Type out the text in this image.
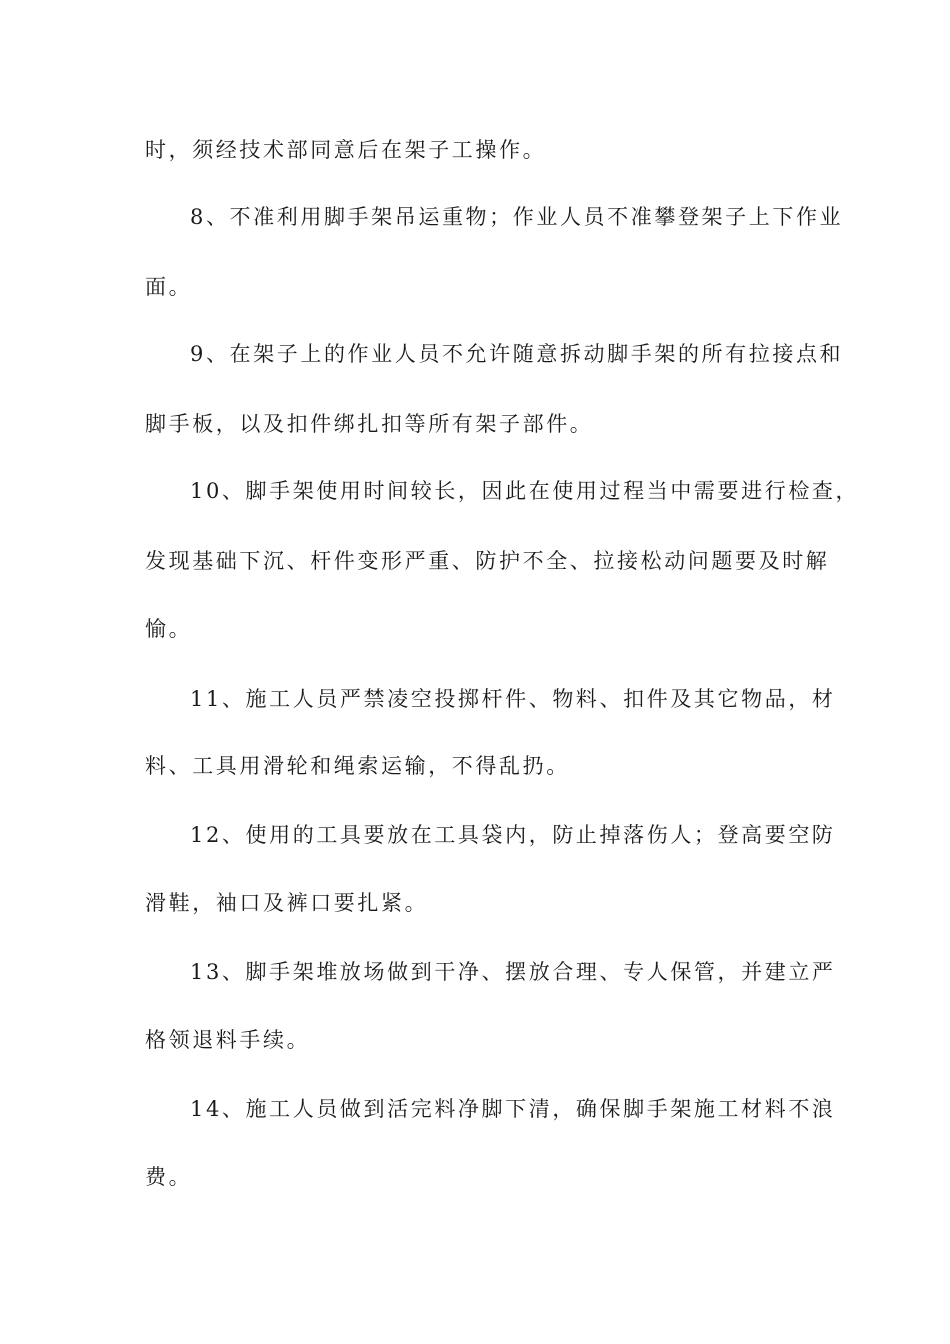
时，须经技术部同意后在架子工操作。
8、不准利用脚手架吊运重物；作业人员不准攀登架子上下作业
面。
9、在架子上的作业人员不允许随意拆动脚手架的所有拉接点和
脚手板，以及扣件绑扎扣等所有架子部件。
10、脚手架使用时间较长，因此在使用过程当中需要进行检查，
发现基础下沉、杆件变形严重、防护不全、拉接松动问题要及时解
愉。
11、施工人员严禁凌空投掷杆件、物料、扣件及其它物品，材
料、工具用滑轮和绳索运输，不得乱扔。
12、使用的工具要放在工具袋内，防止掉落伤人；登高要空防
滑鞋，袖口及裤口要扎紧。
13、脚手架堆放场做到干净、摆放合理、专人保管，并建立严
格领退料手续。
14、施工人员做到活完料净脚下清，确保脚手架施工材料不浪
费。
